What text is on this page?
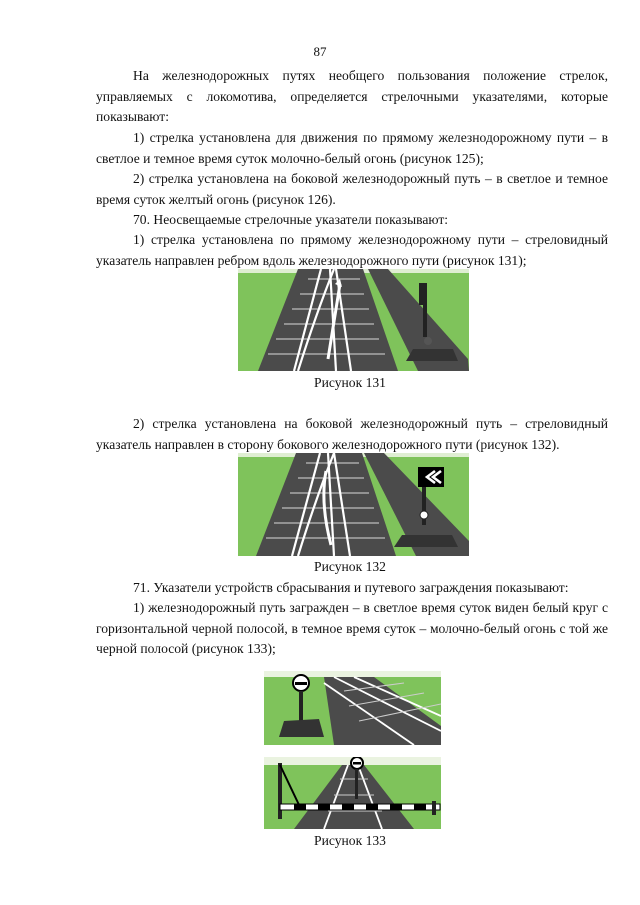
87

На железнодорожных путях необщего пользования положение стрелок, управляемых с локомотива, определяется стрелочными указателями, которые показывают:

1) стрелка установлена для движения по прямому железнодорожному пути – в светлое и темное время суток молочно-белый огонь (рисунок 125);

2) стрелка установлена на боковой железнодорожный путь – в светлое и темное время суток желтый огонь (рисунок 126).

70. Неосвещаемые стрелочные указатели показывают:

1) стрелка установлена по прямому железнодорожному пути – стреловидный указатель направлен ребром вдоль железнодорожного пути (рисунок 131);

Рисунок 131

2) стрелка установлена на боковой железнодорожный путь – стреловидный указатель направлен в сторону бокового железнодорожного пути (рисунок 132).

Рисунок 132

71. Указатели устройств сбрасывания и путевого заграждения показывают:

1) железнодорожный путь загражден – в светлое время суток виден белый круг с горизонтальной черной полосой, в темное время суток – молочно-белый огонь с той же черной полосой (рисунок 133);

Рисунок 133
